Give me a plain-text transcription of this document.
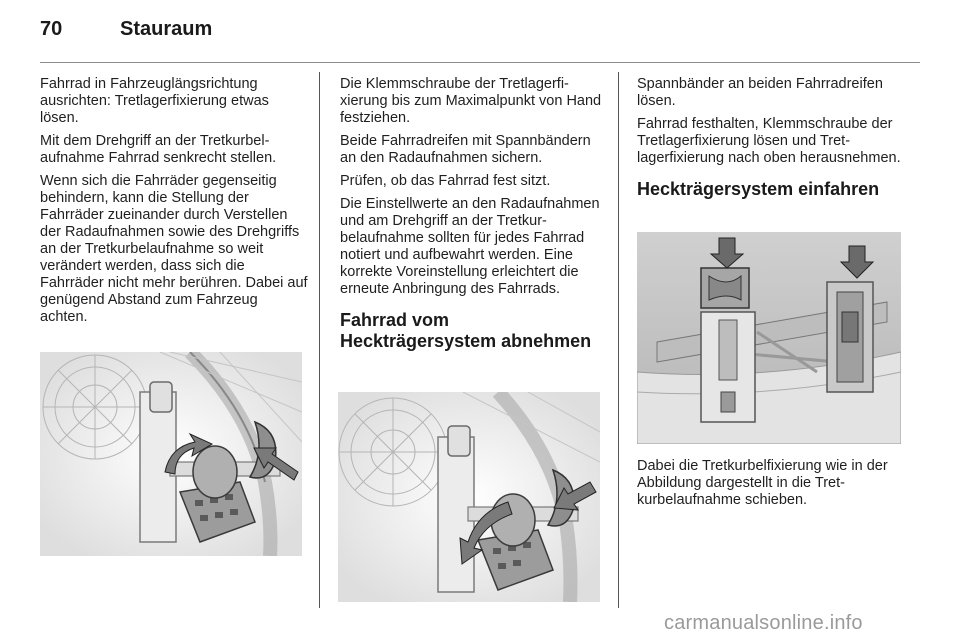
70	Stauraum

Fahrrad in Fahrzeuglängsrichtung ausrichten: Tretlagerfixierung etwas lösen.

Mit dem Drehgriff an der Tretkurbelaufnahme Fahrrad senkrecht stellen.

Wenn sich die Fahrräder gegenseitig behindern, kann die Stellung der Fahrräder zueinander durch Verstellen der Radaufnahmen sowie des Drehgriffs an der Tretkurbelaufnahme so weit verändert werden, dass sich die Fahrräder nicht mehr berühren. Dabei auf genügend Abstand zum Fahrzeug achten.

Die Klemmschraube der Tretlagerfixierung bis zum Maximalpunkt von Hand festziehen.

Beide Fahrradreifen mit Spannbändern an den Radaufnahmen sichern.

Prüfen, ob das Fahrrad fest sitzt.

Die Einstellwerte an den Radaufnahmen und am Drehgriff an der Tretkurbelaufnahme sollten für jedes Fahrrad notiert und aufbewahrt werden. Eine korrekte Voreinstellung erleichtert die erneute Anbringung des Fahrrads.

Fahrrad vom Heckträgersystem abnehmen

Spannbänder an beiden Fahrradreifen lösen.

Fahrrad festhalten, Klemmschraube der Tretlagerfixierung lösen und Tretlagerfixierung nach oben herausnehmen.

Heckträgersystem einfahren

Dabei die Tretkurbelfixierung wie in der Abbildung dargestellt in die Tretkurbelaufnahme schieben.

carmanualsonline.info
